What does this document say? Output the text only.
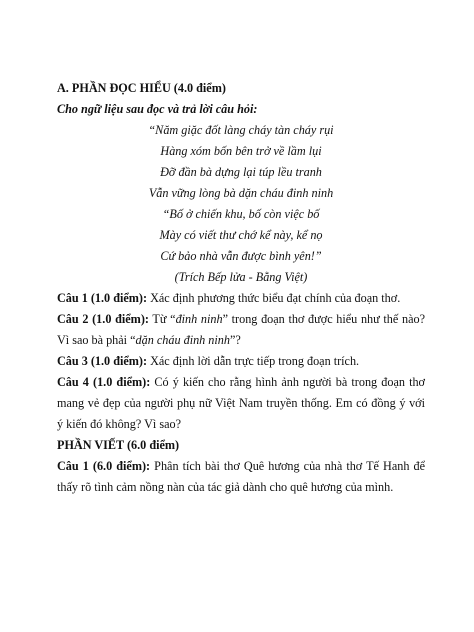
A. PHẦN ĐỌC HIỂU (4.0 điểm)

Cho ngữ liệu sau đọc và trả lời câu hỏi:

“Năm giặc đốt làng cháy tàn cháy rụi
Hàng xóm bốn bên trở về lầm lụi
Đỡ đần bà dựng lại túp lều tranh
Vẫn vững lòng bà dặn cháu đinh ninh
“Bố ở chiến khu, bố còn việc bố
Mày có viết thư chớ kể này, kể nọ
Cứ bảo nhà vẫn được bình yên!”
(Trích Bếp lửa - Bằng Việt)

Câu 1 (1.0 điểm): Xác định phương thức biểu đạt chính của đoạn thơ.

Câu 2 (1.0 điểm): Từ “đinh ninh” trong đoạn thơ được hiểu như thế nào? Vì sao bà phải “dặn cháu đinh ninh”?

Câu 3 (1.0 điểm): Xác định lời dẫn trực tiếp trong đoạn trích.

Câu 4 (1.0 điểm): Có ý kiến cho rằng hình ảnh người bà trong đoạn thơ mang vẻ đẹp của người phụ nữ Việt Nam truyền thống. Em có đồng ý với ý kiến đó không? Vì sao?

PHẦN VIẾT (6.0 điểm)

Câu 1 (6.0 điểm): Phân tích bài thơ Quê hương của nhà thơ Tế Hanh để thấy rõ tình cảm nồng nàn của tác giả dành cho quê hương của mình.
